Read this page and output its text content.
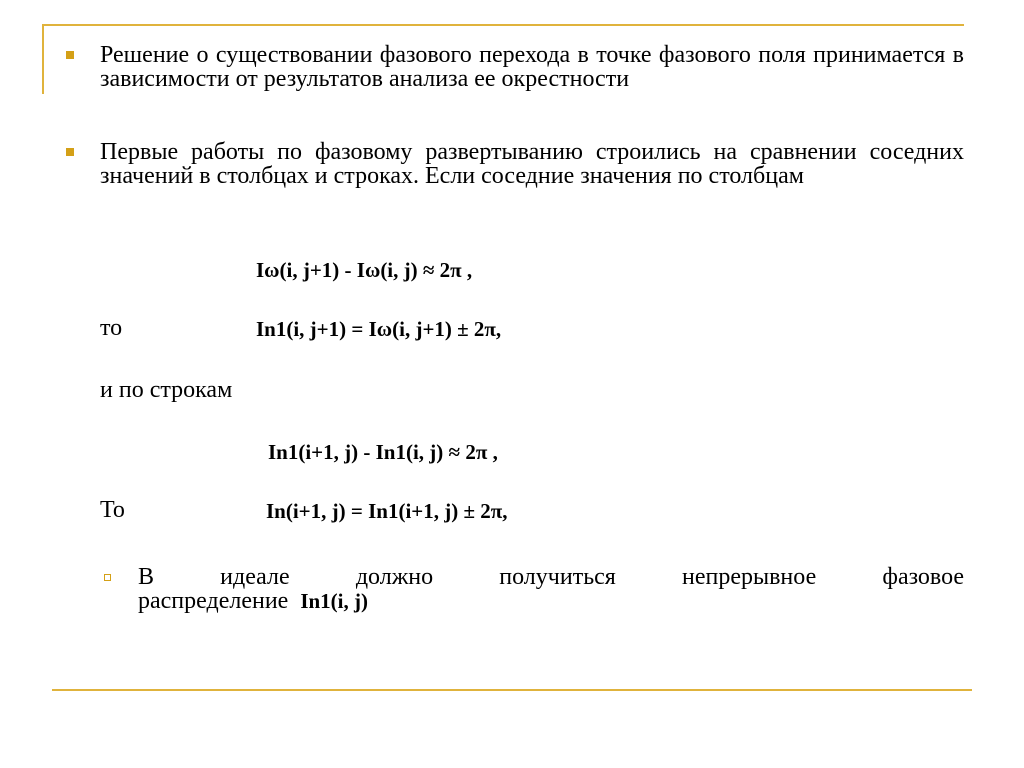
Решение о существовании фазового перехода в точке фазового поля принимается в зависимости от результатов анализа ее окрестности
Первые работы по фазовому развертыванию строились на сравнении соседних значений в столбцах и строках. Если соседние значения по столбцам
Iω(i, j+1) - Iω(i, j) ≈ 2π ,
то	In1(i, j+1) = Iω(i, j+1) ± 2π,
и по строкам
In1(i+1, j) - In1(i, j) ≈ 2π ,
То	In(i+1, j) = In1(i+1, j) ± 2π,
В	идеале	должно	получиться	непрерывное	фазовое
распределение In1(i, j)
